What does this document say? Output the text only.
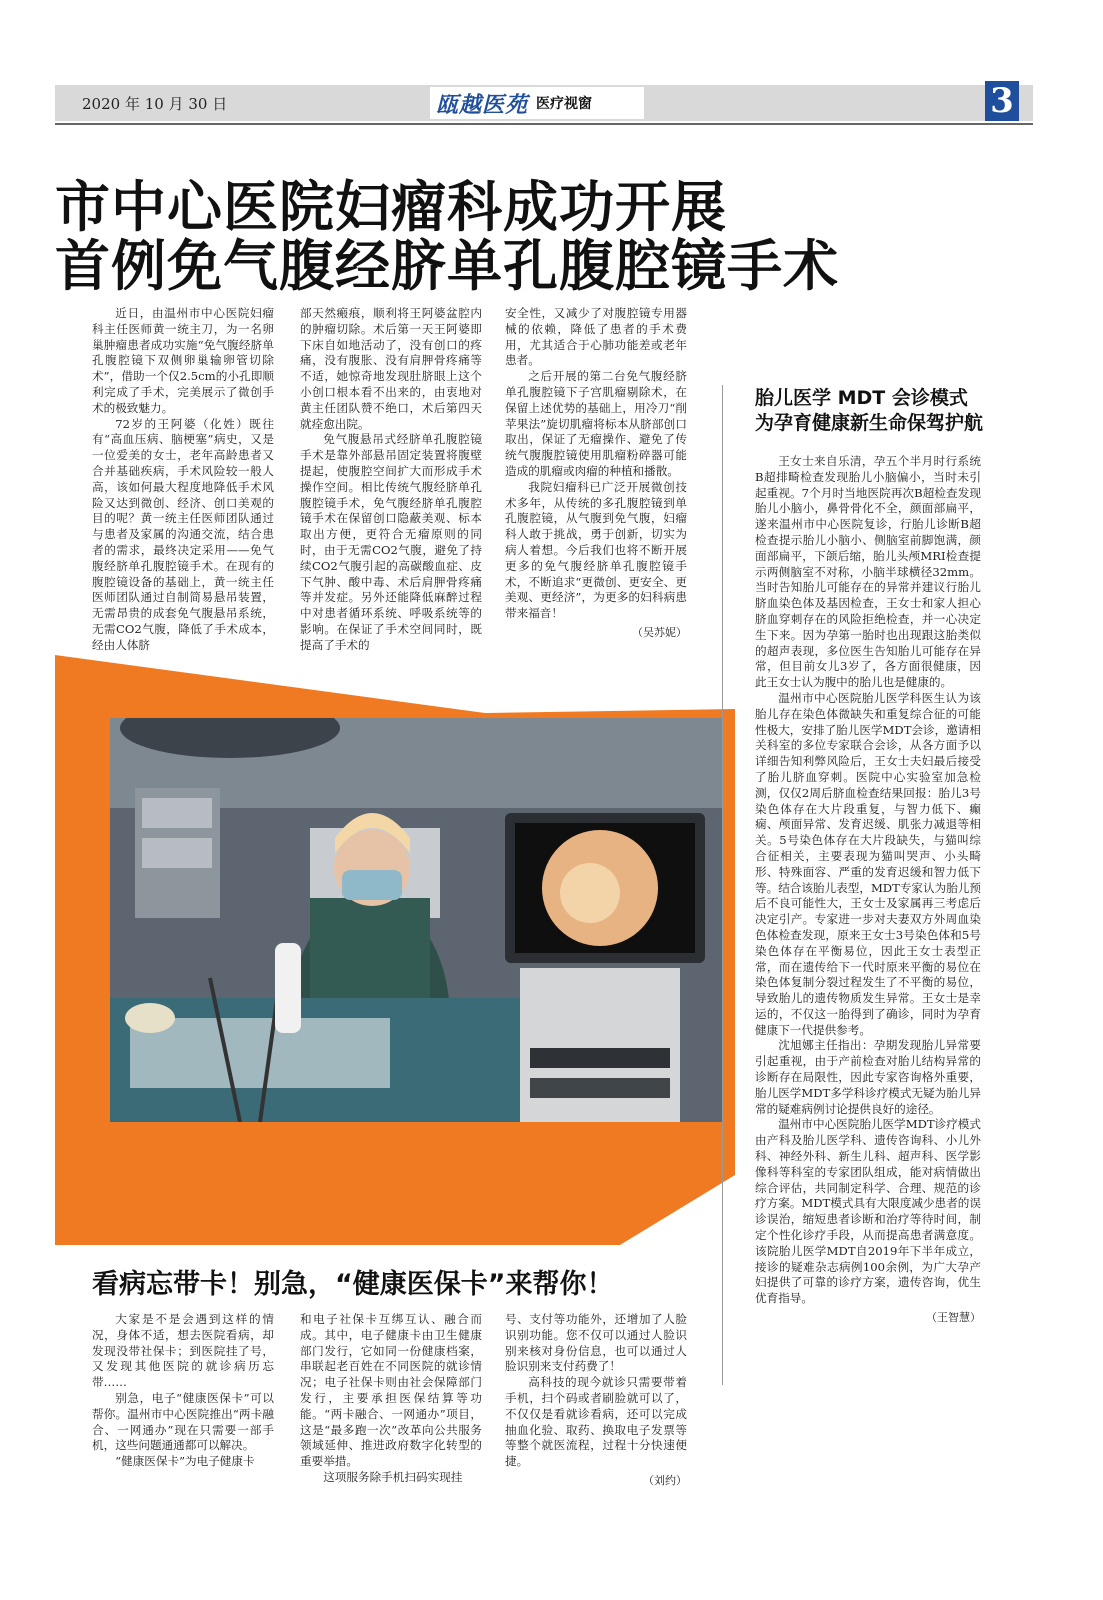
2020 年 10 月 30 日	瓯越医苑 医疗视窗	3
市中心医院妇瘤科成功开展
首例免气腹经脐单孔腹腔镜手术

近日，由温州市中心医院妇瘤科主任医师黄一统主刀，为一名卵巢肿瘤患者成功实施“免气腹经脐单孔腹腔镜下双侧卵巢输卵管切除术”，借助一个仅2.5cm的小孔即顺利完成了手术，完美展示了微创手术的极致魅力。

72岁的王阿婆（化姓）既往有“高血压病、脑梗塞”病史，又是一位爱美的女士，老年高龄患者又合并基础疾病，手术风险较一般人高，该如何最大程度地降低手术风险又达到微创、经济、创口美观的目的呢？黄一统主任医师团队通过与患者及家属的沟通交流，结合患者的需求，最终决定采用——免气腹经脐单孔腹腔镜手术。在现有的腹腔镜设备的基础上，黄一统主任医师团队通过自制简易悬吊装置，无需昂贵的成套免气腹悬吊系统，无需CO2气腹，降低了手术成本，经由人体脐

部天然瘢痕，顺利将王阿婆盆腔内的肿瘤切除。术后第一天王阿婆即下床自如地活动了，没有创口的疼痛，没有腹胀、没有肩胛骨疼痛等不适，她惊奇地发现肚脐眼上这个小创口根本看不出来的，由衷地对黄主任团队赞不绝口，术后第四天就痊愈出院。

免气腹悬吊式经脐单孔腹腔镜手术是靠外部悬吊固定装置将腹壁提起，使腹腔空间扩大而形成手术操作空间。相比传统气腹经脐单孔腹腔镜手术，免气腹经脐单孔腹腔镜手术在保留创口隐蔽美观、标本取出方便，更符合无瘤原则的同时，由于无需CO2气腹，避免了持续CO2气腹引起的高碳酸血症、皮下气肿、酸中毒、术后肩胛骨疼痛等并发症。另外还能降低麻醉过程中对患者循环系统、呼吸系统等的影响。在保证了手术空间同时，既提高了手术的

安全性，又减少了对腹腔镜专用器械的依赖，降低了患者的手术费用，尤其适合于心肺功能差或老年患者。

之后开展的第二台免气腹经脐单孔腹腔镜下子宫肌瘤剔除术，在保留上述优势的基础上，用冷刀“削苹果法”旋切肌瘤将标本从脐部创口取出，保证了无瘤操作、避免了传统气腹腹腔镜使用肌瘤粉碎器可能造成的肌瘤或肉瘤的种植和播散。

我院妇瘤科已广泛开展微创技术多年，从传统的多孔腹腔镜到单孔腹腔镜，从气腹到免气腹，妇瘤科人敢于挑战，勇于创新，切实为病人着想。今后我们也将不断开展更多的免气腹经脐单孔腹腔镜手术，不断追求“更微创、更安全、更美观、更经济”，为更多的妇科病患带来福音！

（吴苏妮）
胎儿医学 MDT 会诊模式
为孕育健康新生命保驾护航

王女士来自乐清，孕五个半月时行系统B超排畸检查发现胎儿小脑偏小，当时未引起重视。7个月时当地医院再次B超检查发现胎儿小脑小，鼻骨骨化不全，颜面部扁平，遂来温州市中心医院复诊，行胎儿诊断B超检查提示胎儿小脑小、侧脑室前脚饱满，颜面部扁平，下颌后缩，胎儿头颅MRI检查提示两侧脑室不对称，小脑半球横径32mm。当时告知胎儿可能存在的异常并建议行胎儿脐血染色体及基因检查，王女士和家人担心脐血穿刺存在的风险拒绝检查，并一心决定生下来。因为孕第一胎时也出现跟这胎类似的超声表现，多位医生告知胎儿可能存在异常，但目前女儿3岁了，各方面很健康，因此王女士认为腹中的胎儿也是健康的。

温州市中心医院胎儿医学科医生认为该胎儿存在染色体微缺失和重复综合征的可能性极大，安排了胎儿医学MDT会诊，邀请相关科室的多位专家联合会诊，从各方面予以详细告知利弊风险后，王女士夫妇最后接受了胎儿脐血穿刺。医院中心实验室加急检测，仅仅2周后脐血检查结果回报：胎儿3号染色体存在大片段重复，与智力低下、癫痫、颅面异常、发育迟缓、肌张力减退等相关。5号染色体存在大片段缺失，与猫叫综合征相关，主要表现为猫叫哭声、小头畸形、特殊面容、严重的发育迟缓和智力低下等。结合该胎儿表型，MDT专家认为胎儿预后不良可能性大，王女士及家属再三考虑后决定引产。专家进一步对夫妻双方外周血染色体检查发现，原来王女士3号染色体和5号染色体存在平衡易位，因此王女士表型正常，而在遗传给下一代时原来平衡的易位在染色体复制分裂过程发生了不平衡的易位，导致胎儿的遗传物质发生异常。王女士是幸运的，不仅这一胎得到了确诊，同时为孕育健康下一代提供参考。

沈旭娜主任指出：孕期发现胎儿异常要引起重视，由于产前检查对胎儿结构异常的诊断存在局限性，因此专家咨询格外重要，胎儿医学MDT多学科诊疗模式无疑为胎儿异常的疑难病例讨论提供良好的途径。

温州市中心医院胎儿医学MDT诊疗模式由产科及胎儿医学科、遗传咨询科、小儿外科、神经外科、新生儿科、超声科、医学影像科等科室的专家团队组成，能对病情做出综合评估，共同制定科学、合理、规范的诊疗方案。MDT模式具有大限度减少患者的误诊误治，缩短患者诊断和治疗等待时间，制定个性化诊疗手段，从而提高患者满意度。该院胎儿医学MDT自2019年下半年成立，接诊的疑难杂志病例100余例，为广大孕产妇提供了可靠的诊疗方案，遗传咨询，优生优育指导。

（王智慧）
看病忘带卡！别急，“健康医保卡”来帮你！

大家是不是会遇到这样的情况，身体不适，想去医院看病，却发现没带社保卡；到医院挂了号，又发现其他医院的就诊病历忘带……

别急，电子“健康医保卡”可以帮你。温州市中心医院推出“两卡融合、一网通办”现在只需要一部手机，这些问题通通都可以解决。

“健康医保卡”为电子健康卡

和电子社保卡互绑互认、融合而成。其中，电子健康卡由卫生健康部门发行，它如同一份健康档案，串联起老百姓在不同医院的就诊情况；电子社保卡则由社会保障部门发行，主要承担医保结算等功能。“两卡融合、一网通办”项目，这是“最多跑一次”改革向公共服务领域延伸、推进政府数字化转型的重要举措。

这项服务除手机扫码实现挂

号、支付等功能外，还增加了人脸识别功能。您不仅可以通过人脸识别来核对身份信息，也可以通过人脸识别来支付药费了！

高科技的现今就诊只需要带着手机，扫个码或者刷脸就可以了，不仅仅是看就诊看病，还可以完成抽血化验、取药、换取电子发票等等整个就医流程，过程十分快速便捷。

（刘约）
